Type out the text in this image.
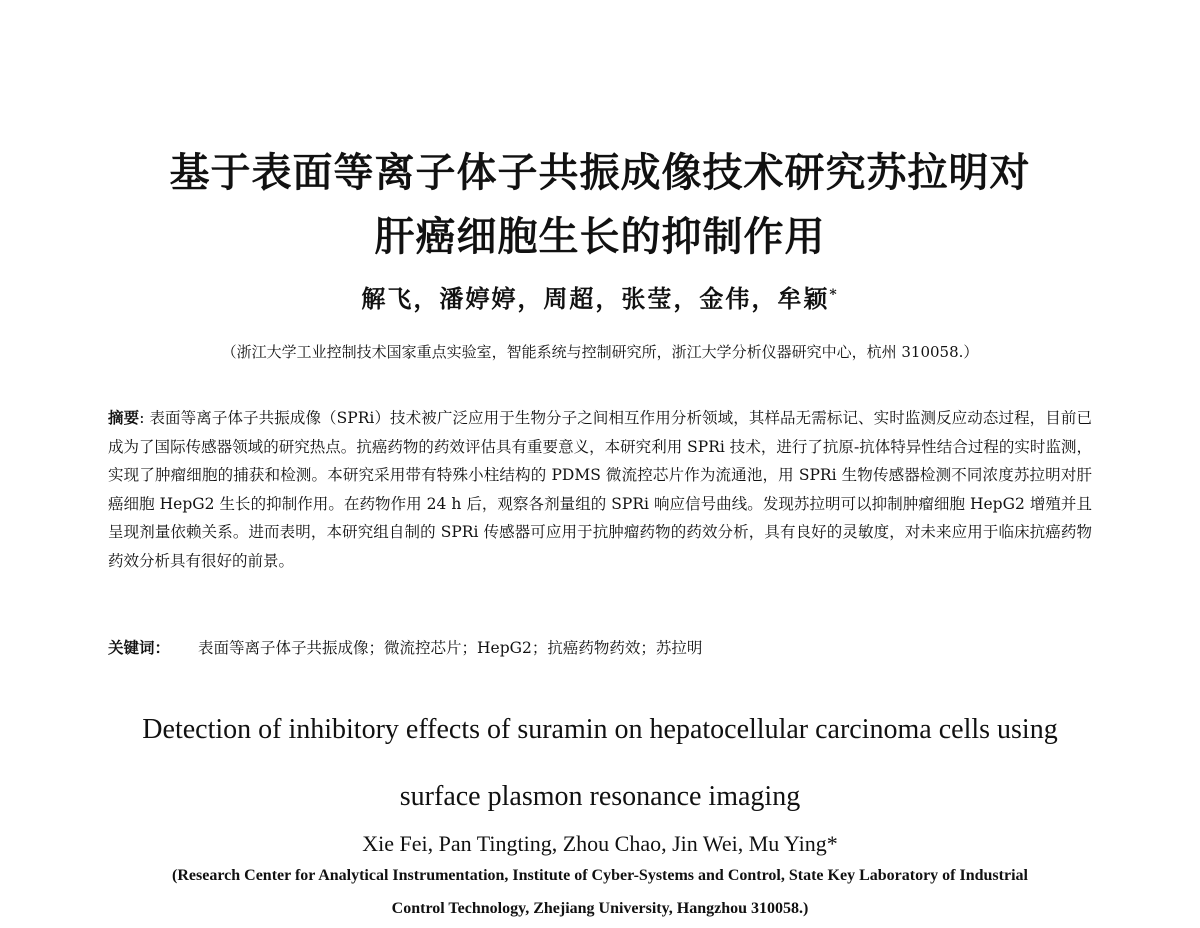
基于表面等离子体子共振成像技术研究苏拉明对
肝癌细胞生长的抑制作用
解飞，潘婷婷，周超，张莹，金伟，牟颖*
（浙江大学工业控制技术国家重点实验室，智能系统与控制研究所，浙江大学分析仪器研究中心，杭州 310058.）
摘要: 表面等离子体子共振成像（SPRi）技术被广泛应用于生物分子之间相互作用分析领域，其样品无需标记、实时监测反应动态过程，目前已成为了国际传感器领域的研究热点。抗癌药物的药效评估具有重要意义，本研究利用 SPRi 技术，进行了抗原-抗体特异性结合过程的实时监测，实现了肿瘤细胞的捕获和检测。本研究采用带有特殊小柱结构的 PDMS 微流控芯片作为流通池，用 SPRi 生物传感器检测不同浓度苏拉明对肝癌细胞 HepG2 生长的抑制作用。在药物作用 24 h 后，观察各剂量组的 SPRi 响应信号曲线。发现苏拉明可以抑制肿瘤细胞 HepG2 增殖并且呈现剂量依赖关系。进而表明，本研究组自制的 SPRi 传感器可应用于抗肿瘤药物的药效分析，具有良好的灵敏度，对未来应用于临床抗癌药物药效分析具有很好的前景。
关键词： 表面等离子体子共振成像；微流控芯片；HepG2；抗癌药物药效；苏拉明
Detection of inhibitory effects of suramin on hepatocellular carcinoma cells using
surface plasmon resonance imaging
Xie Fei, Pan Tingting, Zhou Chao, Jin Wei, Mu Ying*
(Research Center for Analytical Instrumentation, Institute of Cyber-Systems and Control, State Key Laboratory of Industrial
Control Technology, Zhejiang University, Hangzhou 310058.)
